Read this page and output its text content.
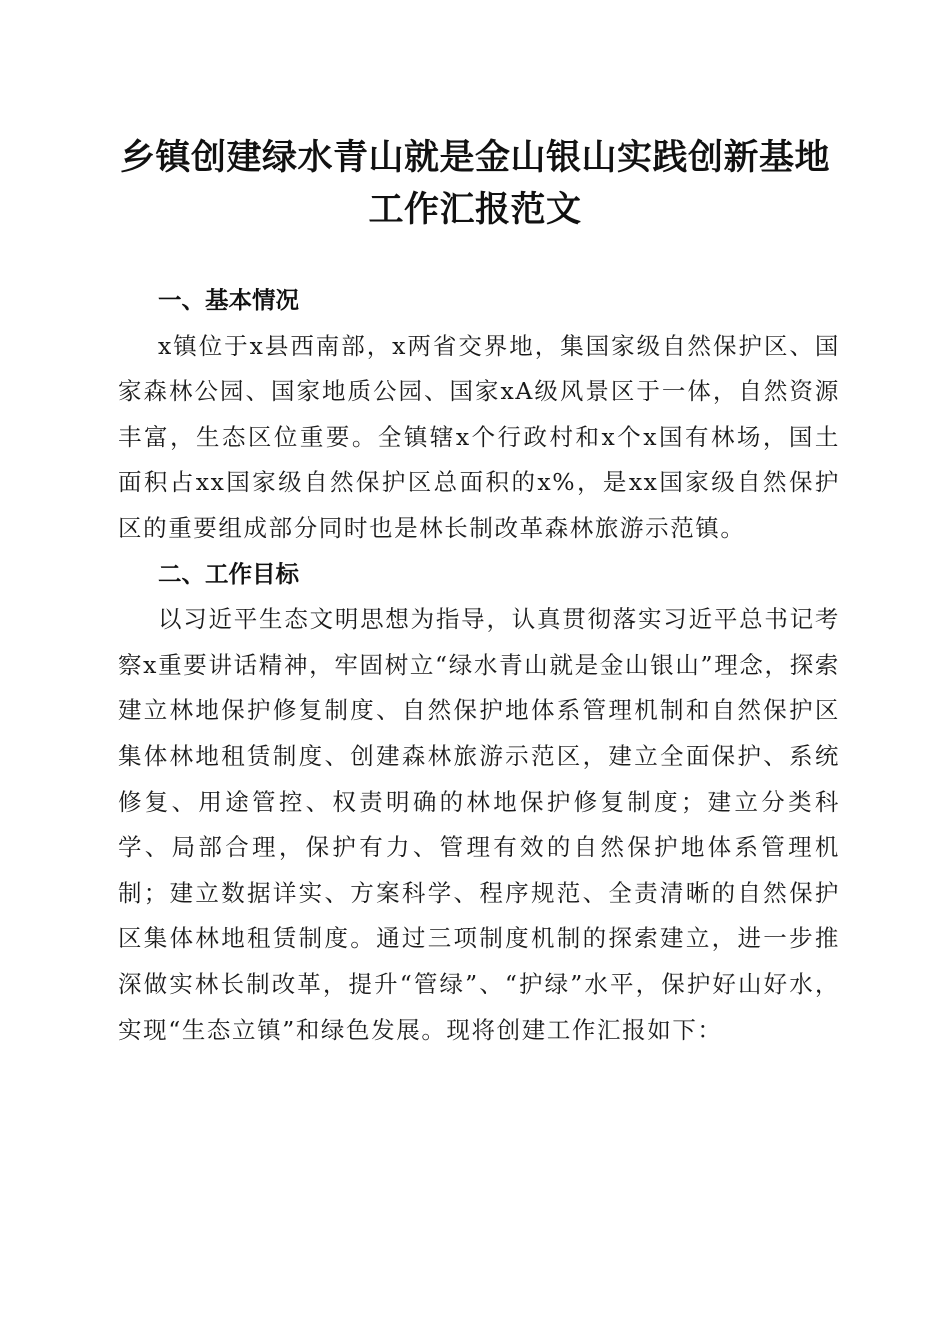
乡镇创建绿水青山就是金山银山实践创新基地
工作汇报范文
一、基本情况

x镇位于x县西南部，x两省交界地，集国家级自然保护区、国家森林公园、国家地质公园、国家xA级风景区于一体，自然资源丰富，生态区位重要。全镇辖x个行政村和x个x国有林场，国土面积占xx国家级自然保护区总面积的x%，是xx国家级自然保护区的重要组成部分同时也是林长制改革森林旅游示范镇。

二、工作目标

以习近平生态文明思想为指导，认真贯彻落实习近平总书记考察x重要讲话精神，牢固树立“绿水青山就是金山银山”理念，探索建立林地保护修复制度、自然保护地体系管理机制和自然保护区集体林地租赁制度、创建森林旅游示范区，建立全面保护、系统修复、用途管控、权责明确的林地保护修复制度；建立分类科学、局部合理，保护有力、管理有效的自然保护地体系管理机制；建立数据详实、方案科学、程序规范、全责清晰的自然保护区集体林地租赁制度。通过三项制度机制的探索建立，进一步推深做实林长制改革，提升“管绿”、“护绿”水平，保护好山好水，实现“生态立镇”和绿色发展。现将创建工作汇报如下：
